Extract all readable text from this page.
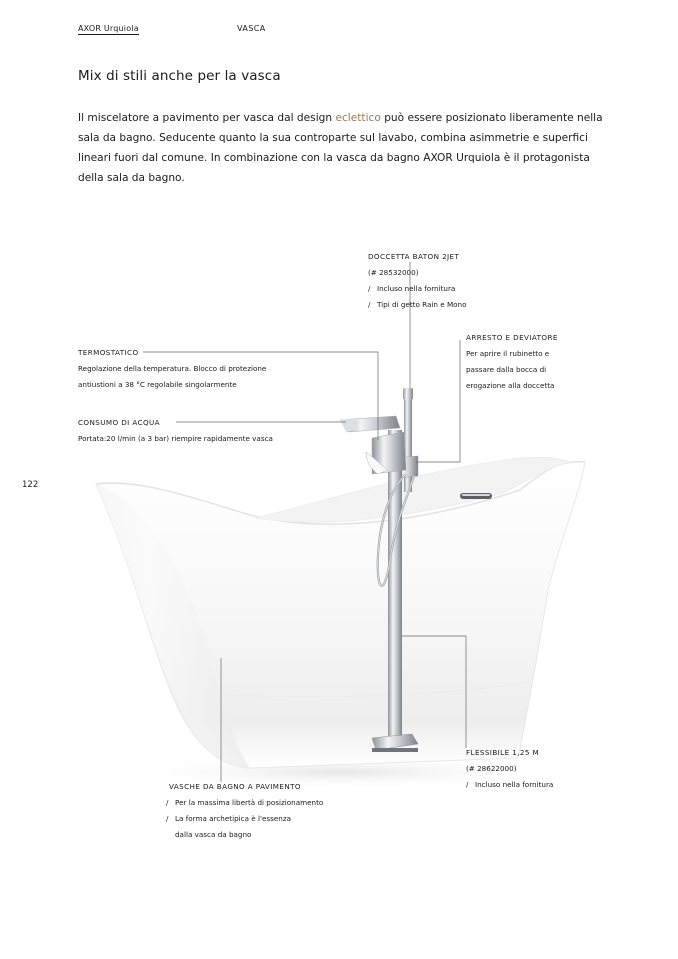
AXOR Urquiola	VASCA
Mix di stili anche per la vasca

Il miscelatore a pavimento per vasca dal design eclettico può essere posizionato liberamente nella sala da bagno. Seducente quanto la sua controparte sul lavabo, combina asimmetrie e superfici lineari fuori dal comune. In combinazione con la vasca da bagno AXOR Urquiola è il protagonista della sala da bagno.

122
DOCCETTA BATON 2JET
(# 28532000)
/ Incluso nella fornitura
/ Tipi di getto Rain e Mono
ARRESTO E DEVIATORE
Per aprire il rubinetto e
passare dalla bocca di
erogazione alla doccetta
TERMOSTATICO
Regolazione della temperatura. Blocco di protezione
antiustioni a 38 °C regolabile singolarmente
CONSUMO DI ACQUA
Portata:20 l/min (a 3 bar) riempire rapidamente vasca
FLESSIBILE 1,25 M
(# 28622000)
/ Incluso nella fornitura
VASCHE DA BAGNO A PAVIMENTO
/ Per la massima libertà di posizionamento
/ La forma archetipica è l'essenza
dalla vasca da bagno
